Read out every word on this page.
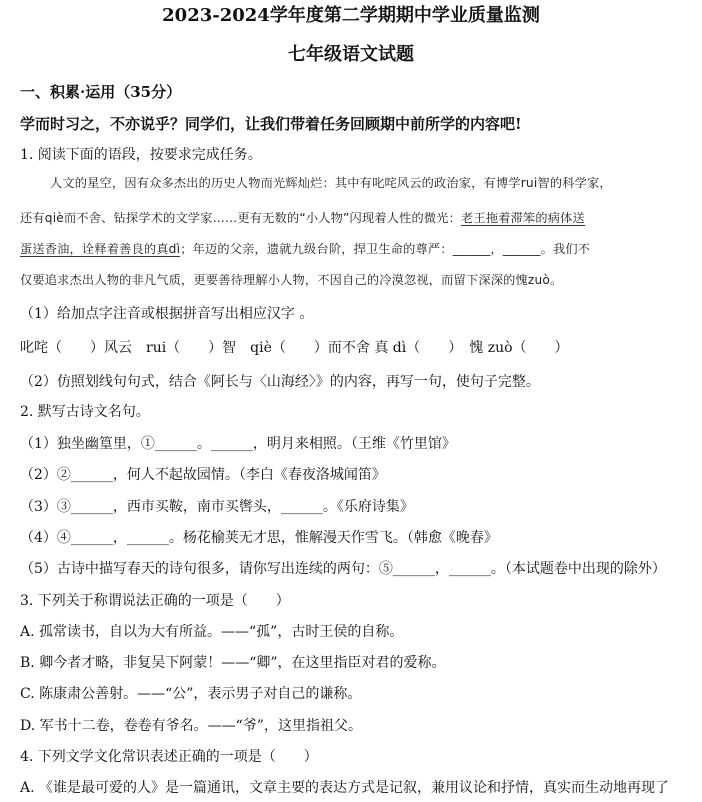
2023-2024学年度第二学期期中学业质量监测
七年级语文试题
一、积累·运用（35分）
学而时习之，不亦说乎？同学们，让我们带着任务回顾期中前所学的内容吧!
1. 阅读下面的语段，按要求完成任务。
人文的星空，因有众多杰出的历史人物而光辉灿烂：其中有叱咤风云的政治家，有博学rui智的科学家，
还有qiè而不舍、钻探学术的文学家……更有无数的“小人物”闪现着人性的微光：老王拖着滞笨的病体送
蛋送香油，诠释着善良的真dì；年迈的父亲，遗就九级台阶，捍卫生命的尊严：______，______。我们不
仅要追求杰出人物的非凡气质，更要善待理解小人物，不因自己的冷漠忽视，而留下深深的愧zuò。
（1）给加点字注音或根据拼音写出相应汉字 。
叱咤（　　）风云　rui（　　）智　qiè（　　）而不舍 真 dì（　　）　愧 zuò（　　）
（2）仿照划线句句式，结合《阿长与〈山海经〉》的内容，再写一句，使句子完整。
2. 默写古诗文名句。
（1）独坐幽篁里，①______。______，明月来相照。（王维《竹里馆》
（2）②______，何人不起故园情。（李白《春夜洛城闻笛》
（3）③______，西市买鞍，南市买辔头，______。《乐府诗集》
（4）④______，______。杨花榆荚无才思，惟解漫天作雪飞。（韩愈《晚春》
（5）古诗中描写春天的诗句很多，请你写出连续的两句：⑤______，______。（本试题卷中出现的除外）
3. 下列关于称谓说法正确的一项是（　　）
A. 孤常读书，自以为大有所益。——“孤”，古时王侯的自称。
B. 卿今者才略，非复吴下阿蒙！——“卿”，在这里指臣对君的爱称。
C. 陈康肃公善射。——“公”，表示男子对自己的谦称。
D. 军书十二卷，卷卷有爷名。——“爷”，这里指祖父。
4. 下列文学文化常识表述正确的一项是（　　）
A. 《谁是最可爱的人》是一篇通讯，文章主要的表达方式是记叙，兼用议论和抒情，真实而生动地再现了
